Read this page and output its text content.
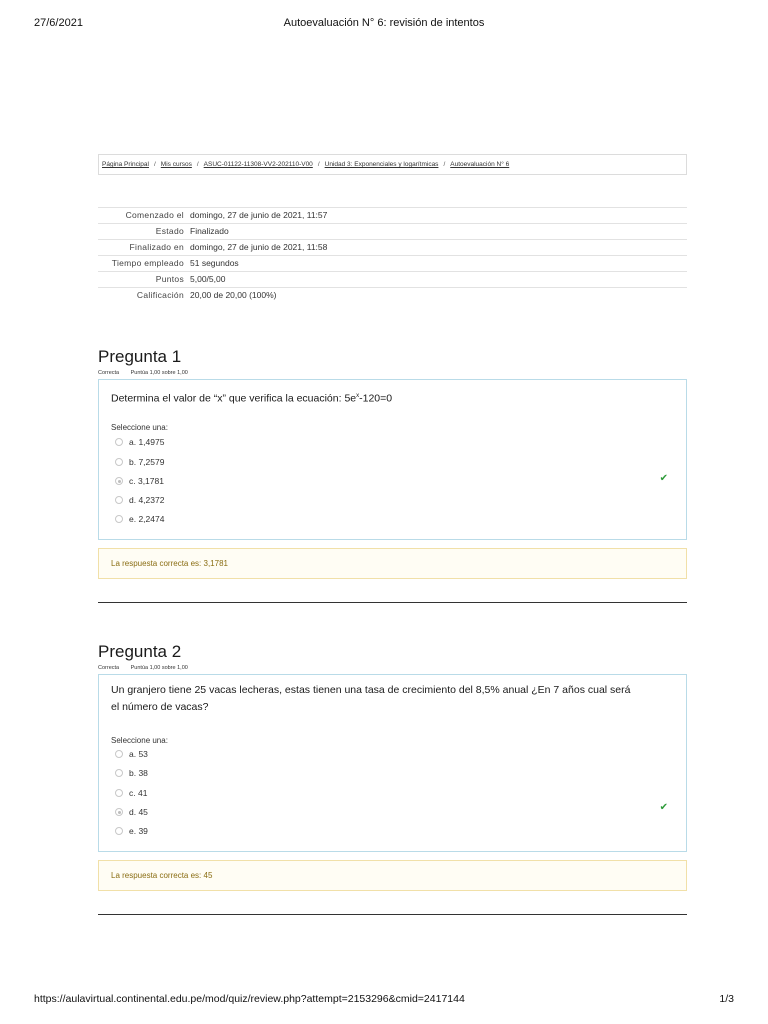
27/6/2021	Autoevaluación N° 6: revisión de intentos
https://aulavirtual.continental.edu.pe/mod/quiz/review.php?attempt=2153296&cmid=2417144	1/3
Página Principal / Mis cursos / ASUC-01122-11308-VV2-202110-V00 / Unidad 3: Exponenciales y logarítmicas / Autoevaluación N° 6
Comenzado el	domingo, 27 de junio de 2021, 11:57
Estado	Finalizado
Finalizado en	domingo, 27 de junio de 2021, 11:58
Tiempo empleado	51 segundos
Puntos	5,00/5,00
Calificación	20,00 de 20,00 (100%)
Pregunta 1
Correcta Puntúa 1,00 sobre 1,00
Determina el valor de “x” que verifica la ecuación: $5e^x-120=0$
Seleccione una:
a. 1,4975
b. 7,2579
c. 3,1781
d. 4,2372
e. 2,2474
✔
La respuesta correcta es: 3,1781
Pregunta 2
Correcta Puntúa 1,00 sobre 1,00
Un granjero tiene 25 vacas lecheras, estas tienen una tasa de crecimiento del 8,5% anual ¿En 7 años cual será
el número de vacas?
Seleccione una:
a. 53
b. 38
c. 41
d. 45
e. 39
✔
La respuesta correcta es: 45
